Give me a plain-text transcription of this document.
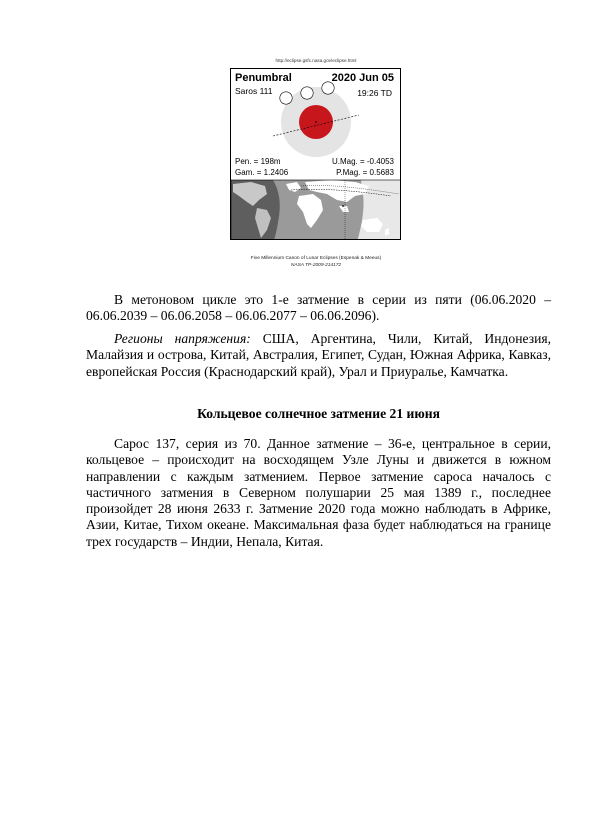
http://eclipse.gsfc.nasa.gov/eclipse.html
Penumbral	2020 Jun 05
Saros 111	19:26 TD
Pen. = 198m
Gam. = 1.2406
U.Mag. = -0.4053
P.Mag. = 0.5683
Five Millennium Canon of Lunar Eclipses (Espenak & Meeus)
NASA TP-2009-214172

В метоновом цикле это 1-е затмение в серии из пяти (06.06.2020 – 06.06.2039 – 06.06.2058 – 06.06.2077 – 06.06.2096).

Регионы напряжения: США, Аргентина, Чили, Китай, Индонезия, Малайзия и острова, Китай, Австралия, Египет, Судан, Южная Африка, Кавказ, европейская Россия (Краснодарский край), Урал и Приуралье, Камчатка.

Кольцевое солнечное затмение 21 июня

Сарос 137, серия из 70. Данное затмение – 36-е, центральное в серии, кольцевое – происходит на восходящем Узле Луны и движется в южном направлении с каждым затмением. Первое затмение сароса началось с частичного затмения в Северном полушарии 25 мая 1389 г., последнее произойдет 28 июня 2633 г. Затмение 2020 года можно наблюдать в Африке, Азии, Китае, Тихом океане. Максимальная фаза будет наблюдаться на границе трех государств – Индии, Непала, Китая.
